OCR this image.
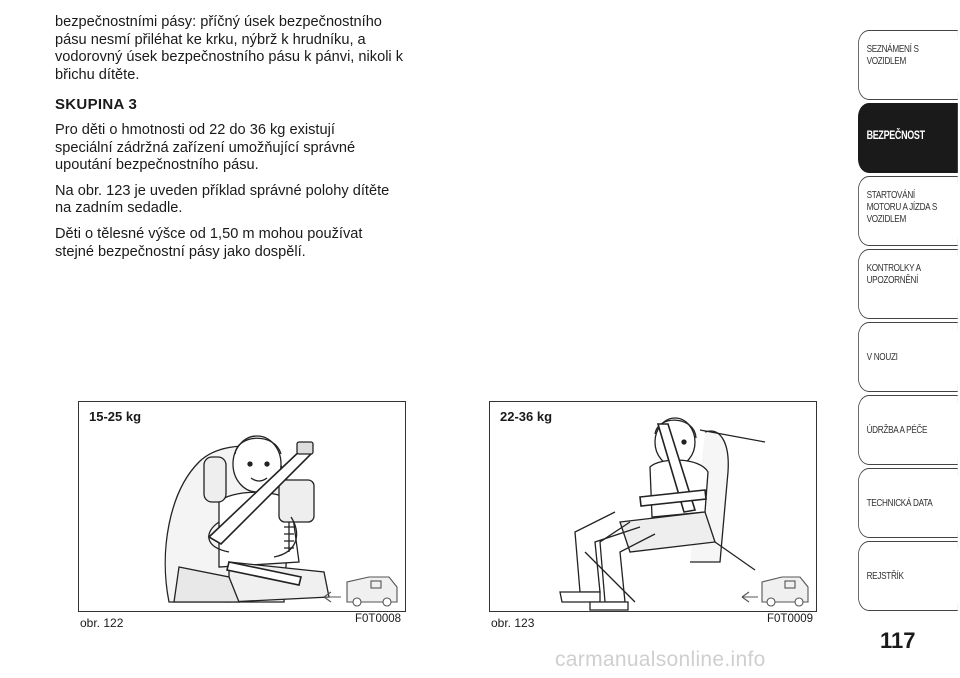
bezpečnostními pásy: příčný úsek bezpečnostního
pásu nesmí přiléhat ke krku, nýbrž k hrudníku, a
vodorovný úsek bezpečnostního pásu k pánvi, nikoli k
břichu dítěte.

SKUPINA 3

Pro děti o hmotnosti od 22 do 36 kg existují
speciální zádržná zařízení umožňující správné
upoutání bezpečnostního pásu.

Na obr. 123 je uveden příklad správné polohy dítěte
na zadním sedadle.

Děti o tělesné výšce od 1,50 m mohou používat
stejné bezpečnostní pásy jako dospělí.

15-25 kg
obr. 122	F0T0008
22-36 kg
obr. 123	F0T0009
SEZNÁMENÍ S
VOZIDLEM
BEZPEČNOST
STARTOVÁNÍ
MOTORU A JÍZDA S
VOZIDLEM
KONTROLKY A
UPOZORNĚNÍ
V NOUZI
ÚDRŽBA A PÉČE
TECHNICKÁ DATA
REJSTŘÍK
117
carmanualsonline.info
